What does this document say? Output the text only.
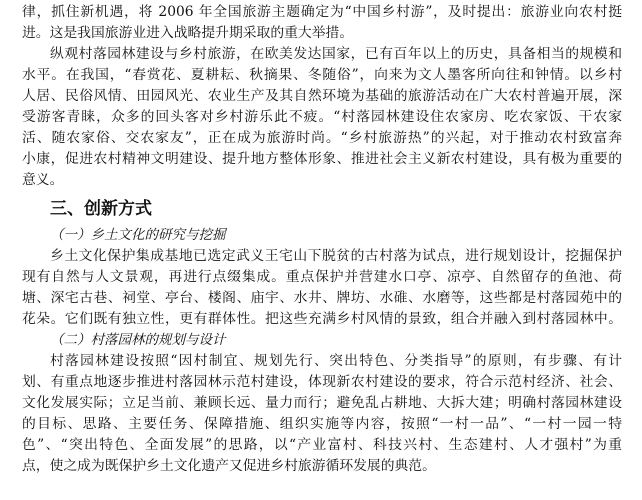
律，抓住新机遇，将 2006 年全国旅游主题确定为“中国乡村游”，及时提出：旅游业向农村挺
进。这是我国旅游业进入战略提升期采取的重大举措。
纵观村落园林建设与乡村旅游，在欧美发达国家，已有百年以上的历史，具备相当的规模和
水平。在我国，“春赏花、夏耕耘、秋摘果、冬随俗”，向来为文人墨客所向往和钟情。以乡村
人居、民俗风情、田园风光、农业生产及其自然环境为基础的旅游活动在广大农村普遍开展，深
受游客青睐，众多的回头客对乡村游乐此不疲。“村落园林建设住农家房、吃农家饭、干农家
活、随农家俗、交农家友”，正在成为旅游时尚。“乡村旅游热”的兴起，对于推动农村致富奔
小康，促进农村精神文明建设、提升地方整体形象、推进社会主义新农村建设，具有极为重要的
意义。
三、创新方式
（一）乡土文化的研究与挖掘
乡土文化保护集成基地已选定武义王宅山下脱贫的古村落为试点，进行规划设计，挖掘保护
现有自然与人文景观，再进行点缀集成。重点保护并营建水口亭、凉亭、自然留存的鱼池、荷
塘、深宅古巷、祠堂、亭台、楼阁、庙宇、水井、牌坊、水碓、水磨等，这些都是村落园苑中的
花朵。它们既有独立性，更有群体性。把这些充满乡村风情的景致，组合并融入到村落园林中。
（二）村落园林的规划与设计
村落园林建设按照“因村制宜、规划先行、突出特色、分类指导”的原则，有步骤、有计
划、有重点地逐步推进村落园林示范村建设，体现新农村建设的要求，符合示范村经济、社会、
文化发展实际；立足当前、兼顾长远、量力而行；避免乱占耕地、大拆大建；明确村落园林建设
的目标、思路、主要任务、保障措施、组织实施等内容，按照“一村一品”、“一村一园一特
色”、“突出特色、全面发展”的思路，以“产业富村、科技兴村、生态建村、人才强村”为重
点，使之成为既保护乡土文化遗产又促进乡村旅游循环发展的典范。
